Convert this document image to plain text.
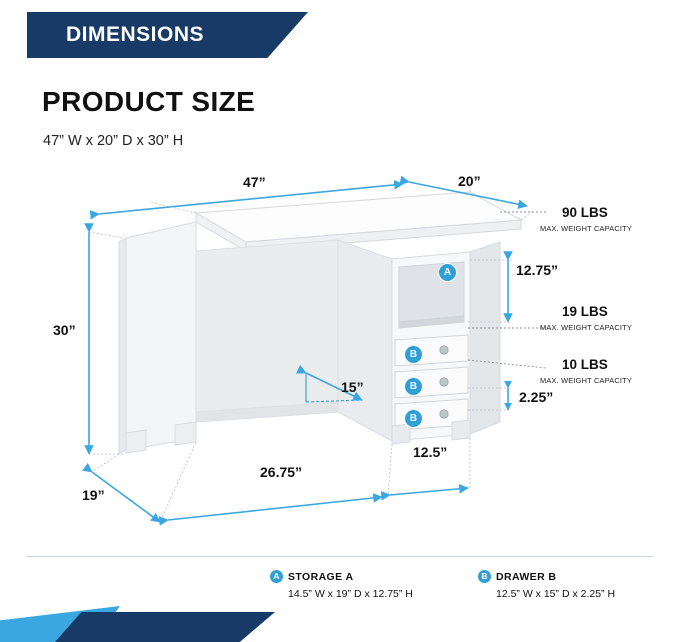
DIMENSIONS
PRODUCT SIZE
47” W x 20” D x 30” H
A
B
B
B
47”	20”
30”
19”
26.75”
15”
12.5”
12.75”
2.25”
90 LBS
MAX. WEIGHT CAPACITY
19 LBS
MAX. WEIGHT CAPACITY
10 LBS
MAX. WEIGHT CAPACITY
A STORAGE A
14.5” W x 19” D x 12.75” H
B DRAWER B
12.5” W x 15” D x 2.25” H
